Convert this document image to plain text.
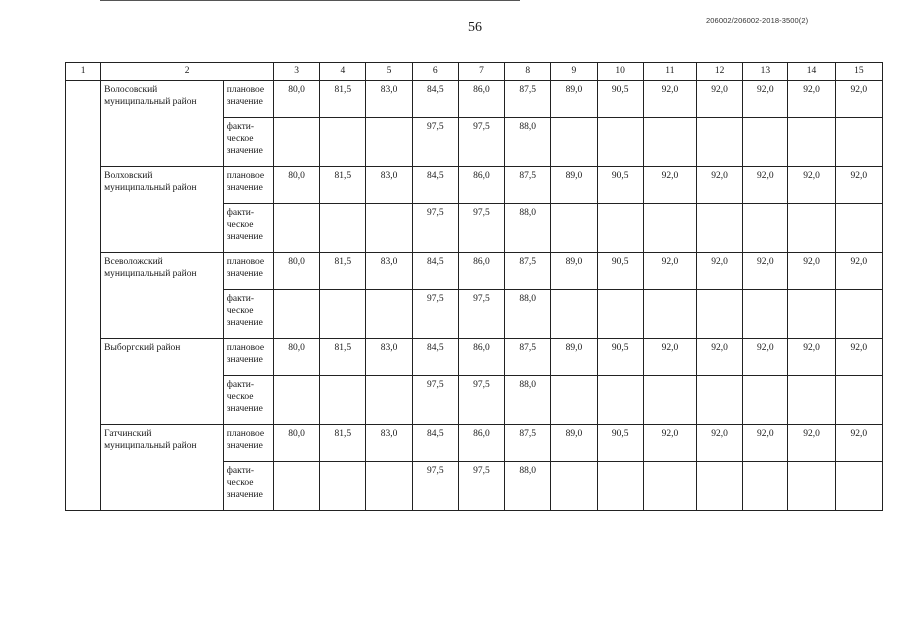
56	206002/206002-2018-3500(2)
1	2		3	4	5	6	7	8	9	10	11	12	13	14	15
	Волосовский муниципальный район	плановое значение	80,0	81,5	83,0	84,5	86,0	87,5	89,0	90,5	92,0	92,0	92,0	92,0	92,0
		факти-ческое значение				97,5	97,5	88,0							
	Волховский муниципальный район	плановое значение	80,0	81,5	83,0	84,5	86,0	87,5	89,0	90,5	92,0	92,0	92,0	92,0	92,0
		факти-ческое значение				97,5	97,5	88,0							
	Всеволожский муниципальный район	плановое значение	80,0	81,5	83,0	84,5	86,0	87,5	89,0	90,5	92,0	92,0	92,0	92,0	92,0
		факти-ческое значение				97,5	97,5	88,0							
	Выборгский район	плановое значение	80,0	81,5	83,0	84,5	86,0	87,5	89,0	90,5	92,0	92,0	92,0	92,0	92,0
		факти-ческое значение				97,5	97,5	88,0							
	Гатчинский муниципальный район	плановое значение	80,0	81,5	83,0	84,5	86,0	87,5	89,0	90,5	92,0	92,0	92,0	92,0	92,0
		факти-ческое значение				97,5	97,5	88,0							
